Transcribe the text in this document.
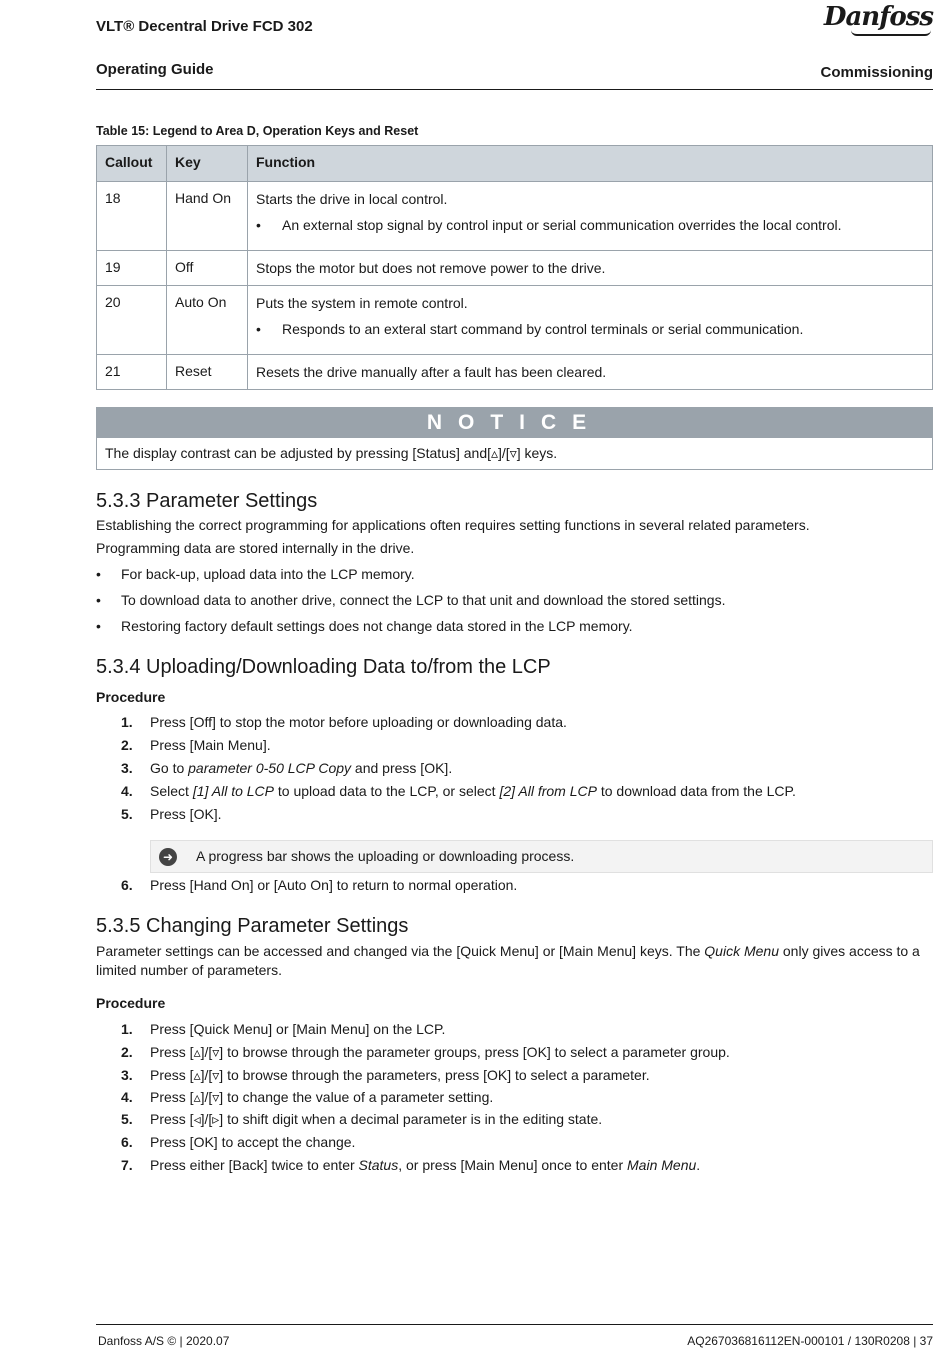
VLT® Decentral Drive FCD 302
Operating Guide	Commissioning
Danfoss
Table 15: Legend to Area D, Operation Keys and Reset
Callout	Key	Function
18	Hand On	Starts the drive in local control.
• An external stop signal by control input or serial communication overrides the local control.

19	Off	Stops the motor but does not remove power to the drive.

20	Auto On	Puts the system in remote control.
• Responds to an exteral start command by control terminals or serial communication.

21	Reset	Resets the drive manually after a fault has been cleared.
NOTICE
The display contrast can be adjusted by pressing [Status] and[▵]/[▿] keys.
5.3.3 Parameter Settings
Establishing the correct programming for applications often requires setting functions in several related parameters.
Programming data are stored internally in the drive.
• For back-up, upload data into the LCP memory.
• To download data to another drive, connect the LCP to that unit and download the stored settings.
• Restoring factory default settings does not change data stored in the LCP memory.
5.3.4 Uploading/Downloading Data to/from the LCP
Procedure
1. Press [Off] to stop the motor before uploading or downloading data.
2. Press [Main Menu].
3. Go to parameter 0-50 LCP Copy and press [OK].
4. Select [1] All to LCP to upload data to the LCP, or select [2] All from LCP to download data from the LCP.
5. Press [OK].
➜ A progress bar shows the uploading or downloading process.
6. Press [Hand On] or [Auto On] to return to normal operation.
5.3.5 Changing Parameter Settings
Parameter settings can be accessed and changed via the [Quick Menu] or [Main Menu] keys. The Quick Menu only gives access to a
limited number of parameters.
Procedure
1. Press [Quick Menu] or [Main Menu] on the LCP.
2. Press [▵]/[▿] to browse through the parameter groups, press [OK] to select a parameter group.
3. Press [▵]/[▿] to browse through the parameters, press [OK] to select a parameter.
4. Press [▵]/[▿] to change the value of a parameter setting.
5. Press [◃]/[▹] to shift digit when a decimal parameter is in the editing state.
6. Press [OK] to accept the change.
7. Press either [Back] twice to enter Status, or press [Main Menu] once to enter Main Menu.
Danfoss A/S © | 2020.07	AQ267036816112EN-000101 / 130R0208 | 37
